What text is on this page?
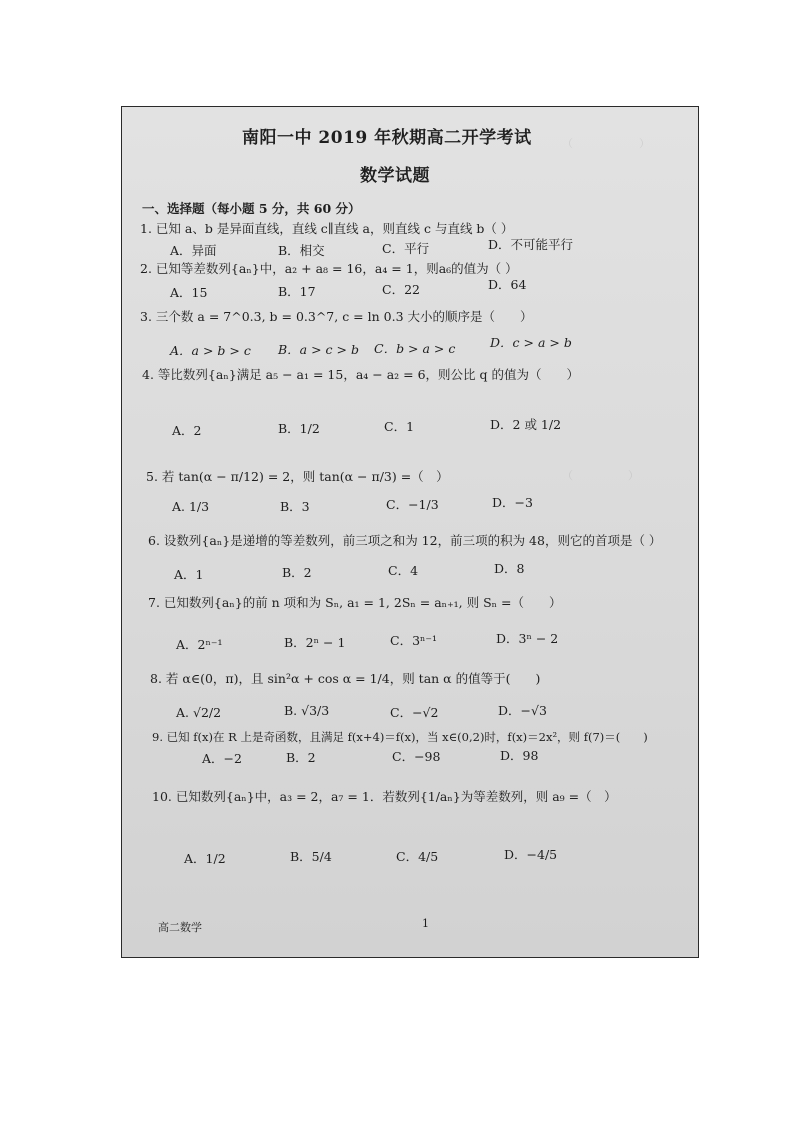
（　　　　　　）
（　　　　　）

南阳一中 2019 年秋期高二开学考试
数学试题
一、选择题（每小题 5 分，共 60 分）
1. 已知 a、b 是异面直线，直线 c∥直线 a，则直线 c 与直线 b（ ）
A．异面	B．相交	C．平行	D．不可能平行
2. 已知等差数列{aₙ}中，a₂ + a₈ = 16，a₄ = 1，则a₆的值为（ ）
A．15	B．17	C．22	D．64
3. 三个数 a = 7^0.3, b = 0.3^7, c = ln 0.3 大小的顺序是（　　）
A．a > b > c B．a > c > b C．b > a > c	D．c > a > b
4. 等比数列{aₙ}满足 a₅ − a₁ = 15，a₄ − a₂ = 6，则公比 q 的值为（　　）
A．2	B．1/2	C．1	D．2 或 1/2
5. 若 tan(α − π/12) = 2，则 tan(α − π/3) =（　）
A. 1/3	B．3	C．−1/3	D．−3
6. 设数列{aₙ}是递增的等差数列，前三项之和为 12，前三项的积为 48，则它的首项是（ ）
A．1	B．2	C．4	D．8
7. 已知数列{aₙ}的前 n 项和为 Sₙ, a₁ = 1, 2Sₙ = aₙ₊₁, 则 Sₙ =（　　）
A．2ⁿ⁻¹	B．2ⁿ − 1	C．3ⁿ⁻¹	D．3ⁿ − 2
8. 若 α∈(0，π)，且 sin²α + cos α = 1/4，则 tan α 的值等于(　　)
A. √2/2	B. √3/3	C．−√2	D．−√3
9. 已知 f(x)在 R 上是奇函数，且满足 f(x+4)＝f(x)，当 x∈(0,2)时，f(x)＝2x²，则 f(7)＝(　　)
A．−2	B．2	C．−98	D．98
10. 已知数列{aₙ}中，a₃ = 2，a₇ = 1．若数列{1/aₙ}为等差数列，则 a₉ =（　）
A．1/2	B．5/4	C．4/5	D．−4/5
高二数学	1
